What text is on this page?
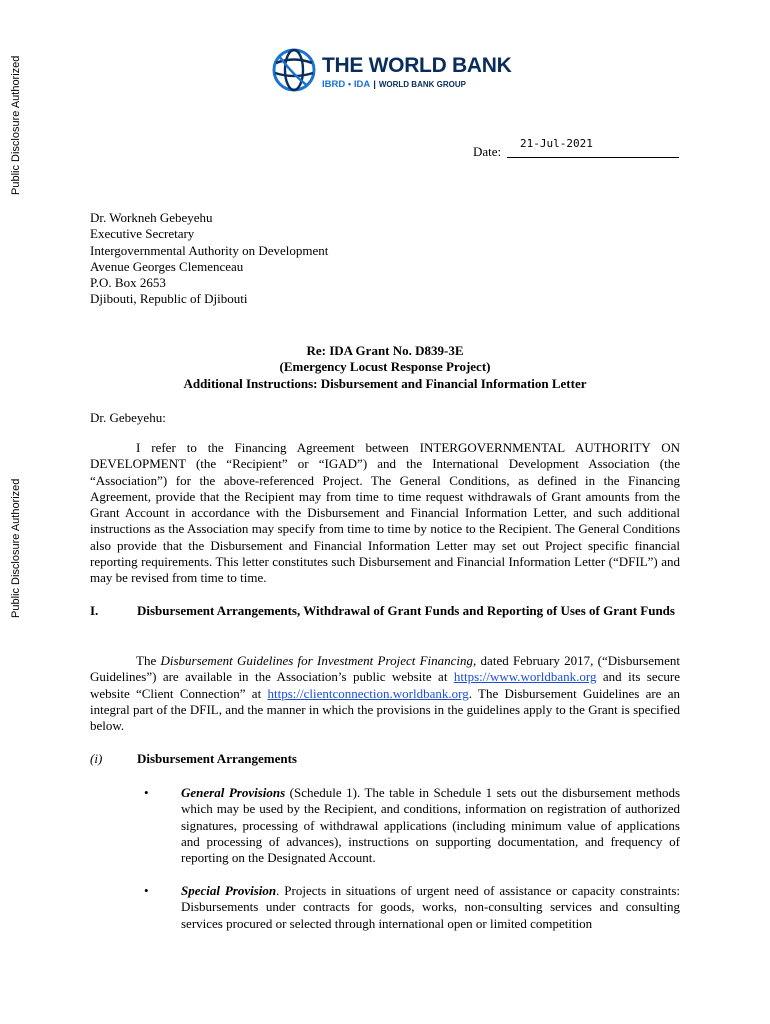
Public Disclosure Authorized
Public Disclosure Authorized
THE WORLD BANK
IBRD • IDA | WORLD BANK GROUP
Date:
21-Jul-2021
Dr. Workneh Gebeyehu
Executive Secretary
Intergovernmental Authority on Development
Avenue Georges Clemenceau
P.O. Box 2653
Djibouti, Republic of Djibouti
Re: IDA Grant No. D839-3E
(Emergency Locust Response Project)
Additional Instructions: Disbursement and Financial Information Letter
Dr. Gebeyehu:
I refer to the Financing Agreement between INTERGOVERNMENTAL AUTHORITY ON DEVELOPMENT (the “Recipient” or “IGAD”) and the International Development Association (the “Association”) for the above-referenced Project. The General Conditions, as defined in the Financing Agreement, provide that the Recipient may from time to time request withdrawals of Grant amounts from the Grant Account in accordance with the Disbursement and Financial Information Letter, and such additional instructions as the Association may specify from time to time by notice to the Recipient. The General Conditions also provide that the Disbursement and Financial Information Letter may set out Project specific financial reporting requirements. This letter constitutes such Disbursement and Financial Information Letter (“DFIL”) and may be revised from time to time.
I.	Disbursement Arrangements, Withdrawal of Grant Funds and Reporting of Uses of Grant Funds
The Disbursement Guidelines for Investment Project Financing, dated February 2017, (“Disbursement Guidelines”) are available in the Association’s public website at https://www.worldbank.org and its secure website “Client Connection” at https://clientconnection.worldbank.org. The Disbursement Guidelines are an integral part of the DFIL, and the manner in which the provisions in the guidelines apply to the Grant is specified below.
(i)	Disbursement Arrangements
• General Provisions (Schedule 1). The table in Schedule 1 sets out the disbursement methods which may be used by the Recipient, and conditions, information on registration of authorized signatures, processing of withdrawal applications (including minimum value of applications and processing of advances), instructions on supporting documentation, and frequency of reporting on the Designated Account.
• Special Provision. Projects in situations of urgent need of assistance or capacity constraints: Disbursements under contracts for goods, works, non-consulting services and consulting services procured or selected through international open or limited competition
